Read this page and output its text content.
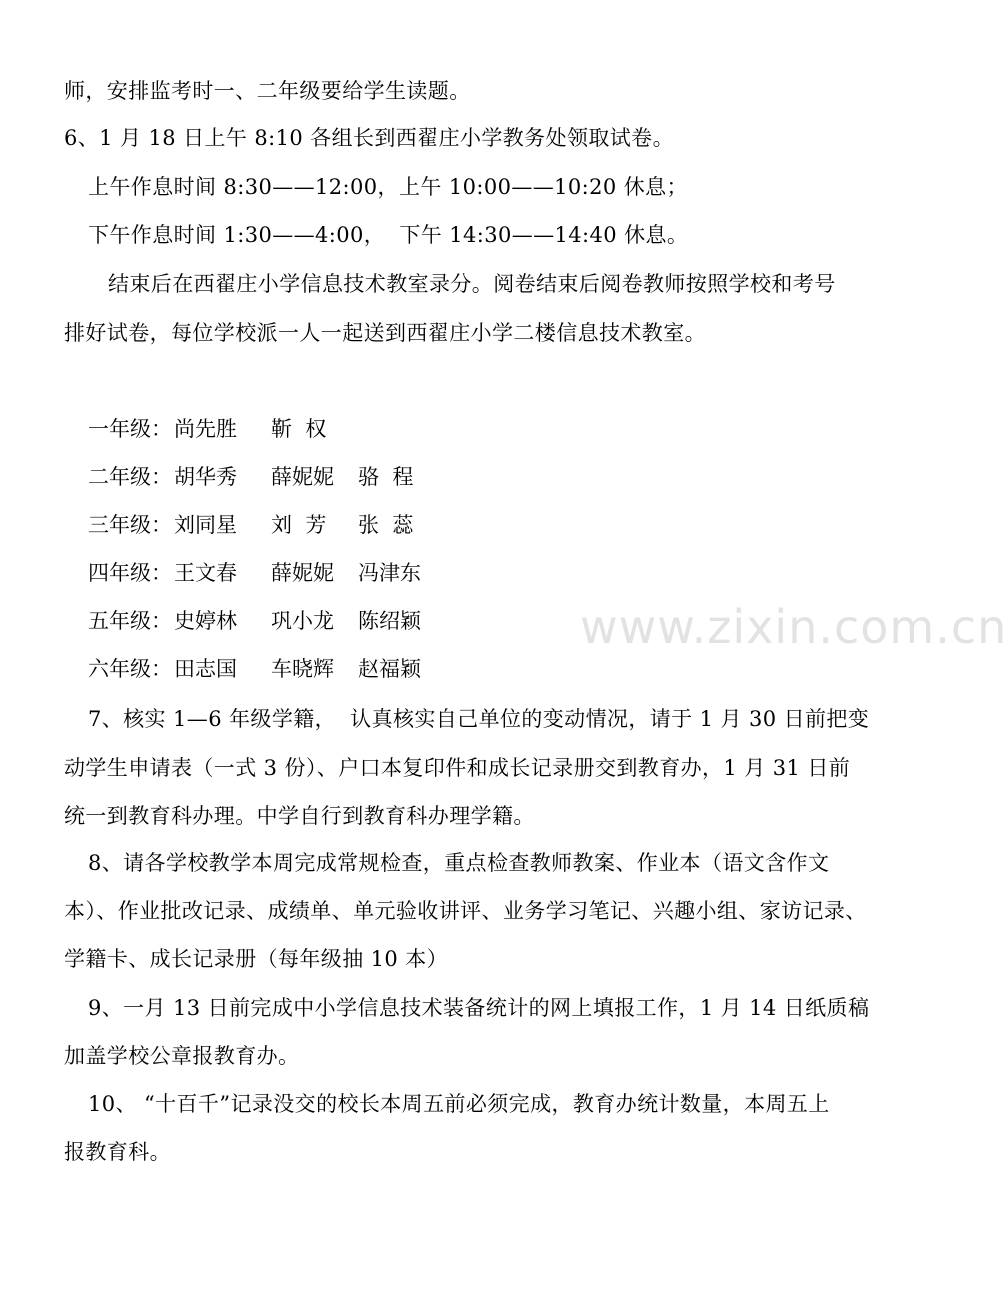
师，安排监考时一、二年级要给学生读题。
6、1 月 18 日上午 8:10 各组长到西翟庄小学教务处领取试卷。
上午作息时间 8:30——12:00，上午 10:00——10:20 休息；
下午作息时间 1:30——4:00，  下午 14:30——14:40 休息。
结束后在西翟庄小学信息技术教室录分。阅卷结束后阅卷教师按照学校和考号
排好试卷，每位学校派一人一起送到西翟庄小学二楼信息技术教室。

一年级：

尚先胜

靳  权

二年级：

胡华秀

薛妮妮

骆  程

三年级：

刘同星

刘  芳

张  蕊

四年级：

王文春

薛妮妮

冯津东

五年级：

史婷林

巩小龙

陈绍颖

六年级：

田志国

车晓辉

赵福颖

7、核实 1—6 年级学籍，  认真核实自己单位的变动情况，请于 1 月 30 日前把变
动学生申请表（一式 3 份）、户口本复印件和成长记录册交到教育办，1 月 31 日前
统一到教育科办理。中学自行到教育科办理学籍。
8、请各学校教学本周完成常规检查，重点检查教师教案、作业本（语文含作文
本）、作业批改记录、成绩单、单元验收讲评、业务学习笔记、兴趣小组、家访记录、
学籍卡、成长记录册（每年级抽 10 本）
9、一月 13 日前完成中小学信息技术装备统计的网上填报工作，1 月 14 日纸质稿
加盖学校公章报教育办。
10、 “十百千”记录没交的校长本周五前必须完成，教育办统计数量，本周五上
报教育科。
www.zixin.com.cn
